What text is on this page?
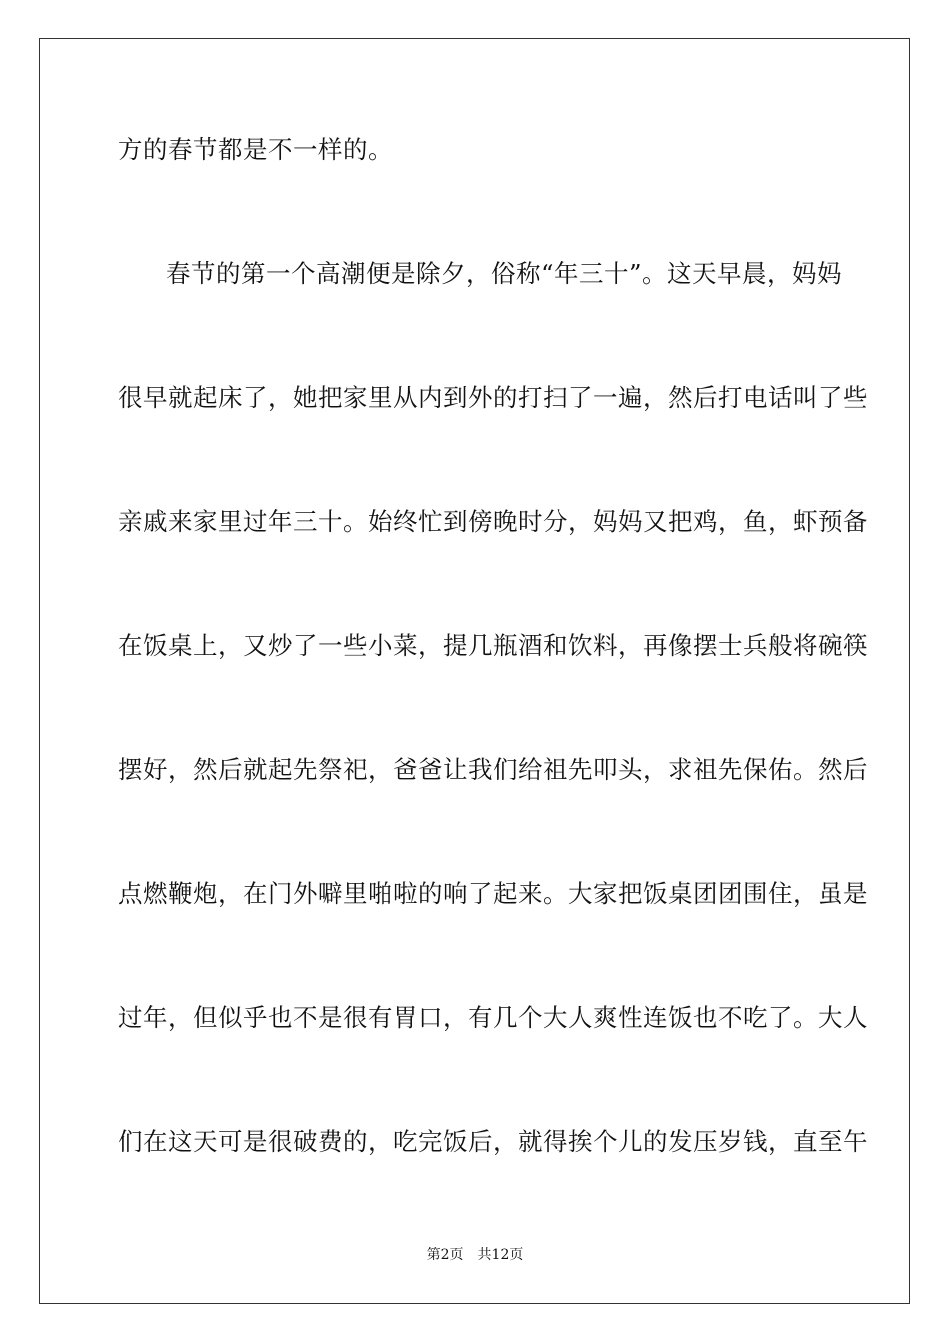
方的春节都是不一样的。
春节的第一个高潮便是除夕，俗称“年三十”。这天早晨，妈妈
很早就起床了，她把家里从内到外的打扫了一遍，然后打电话叫了些
亲戚来家里过年三十。始终忙到傍晚时分，妈妈又把鸡，鱼，虾预备
在饭桌上，又炒了一些小菜，提几瓶酒和饮料，再像摆士兵般将碗筷
摆好，然后就起先祭祀，爸爸让我们给祖先叩头，求祖先保佑。然后
点燃鞭炮，在门外噼里啪啦的响了起来。大家把饭桌团团围住，虽是
过年，但似乎也不是很有胃口，有几个大人爽性连饭也不吃了。大人
们在这天可是很破费的，吃完饭后，就得挨个儿的发压岁钱，直至午
第2页 共12页
